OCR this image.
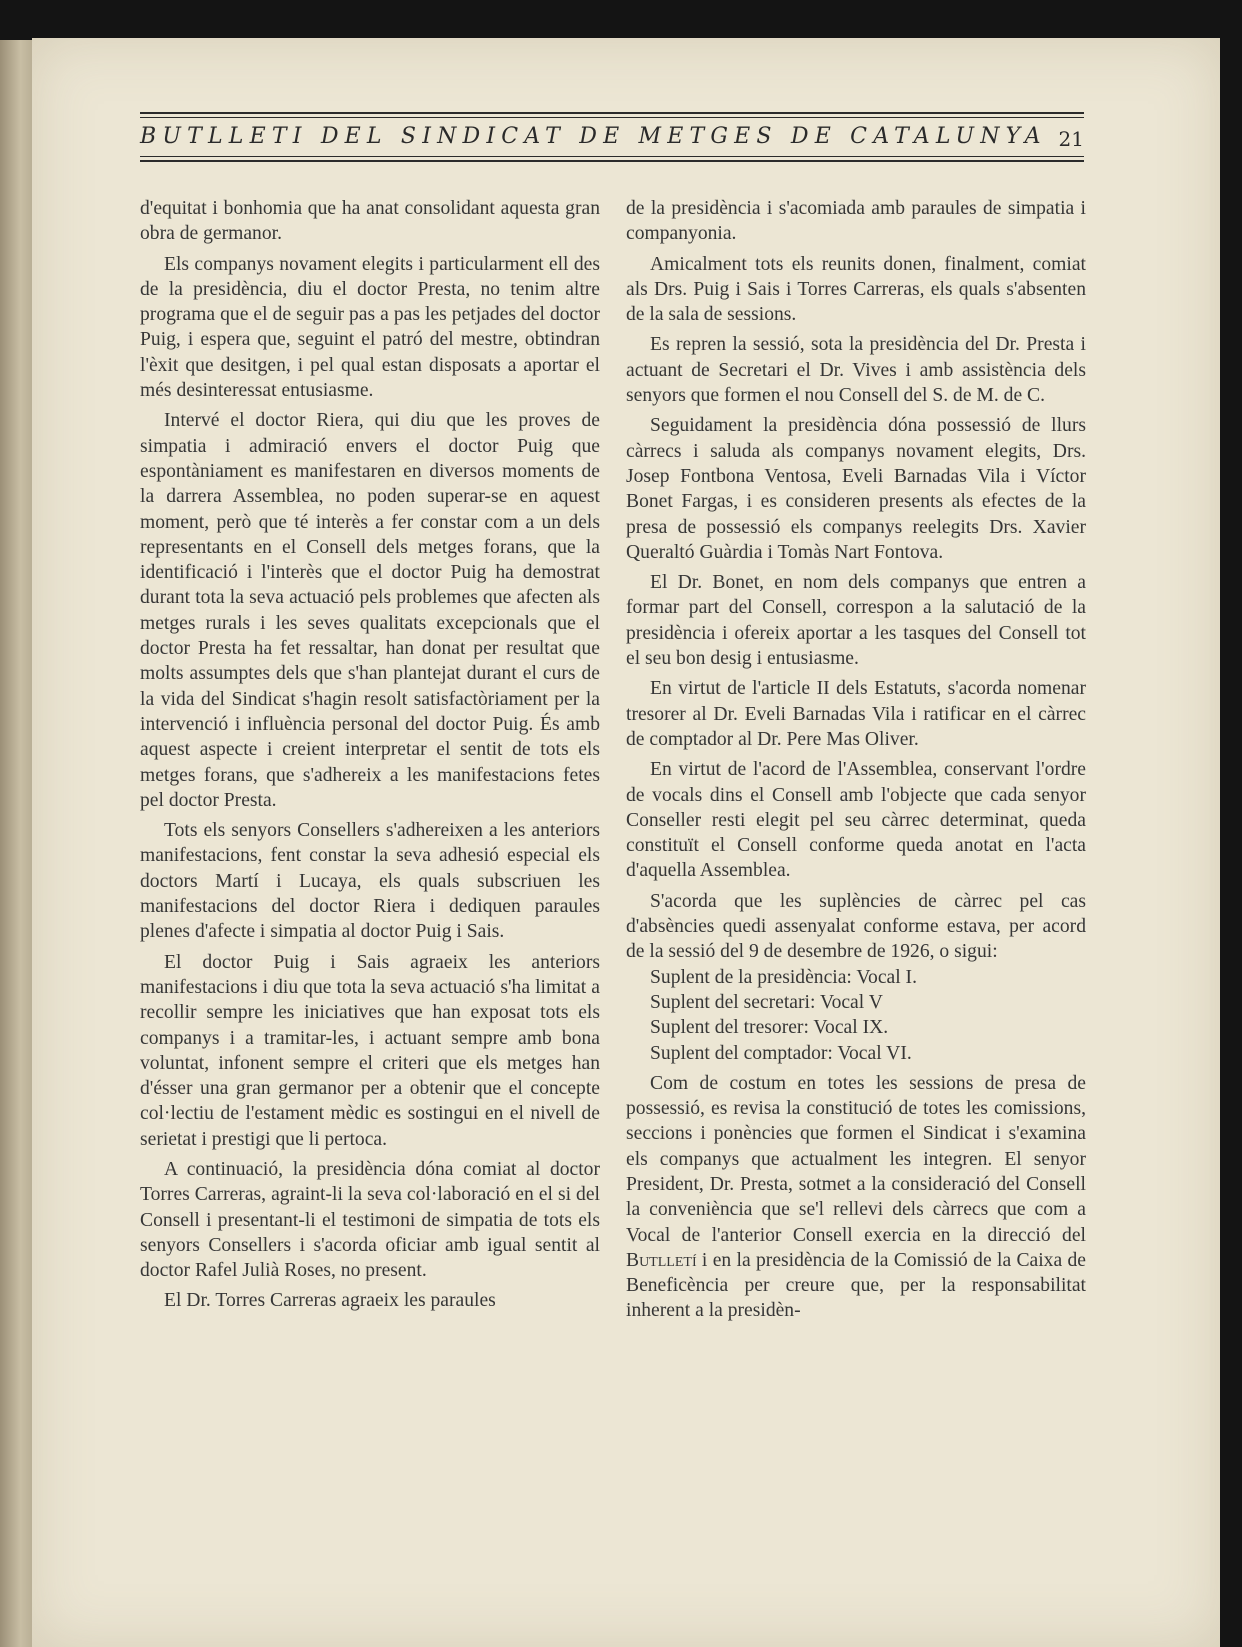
BUTLLETI DEL SINDICAT DE METGES DE CATALUNYA 21

d'equitat i bonhomia que ha anat consolidant aquesta gran obra de germanor.

Els companys novament elegits i particularment ell des de la presidència, diu el doctor Presta, no tenim altre programa que el de seguir pas a pas les petjades del doctor Puig, i espera que, seguint el patró del mestre, obtindran l'èxit que desitgen, i pel qual estan disposats a aportar el més desinteressat entusiasme.

Intervé el doctor Riera, qui diu que les proves de simpatia i admiració envers el doctor Puig que espontàniament es manifestaren en diversos moments de la darrera Assemblea, no poden superar-se en aquest moment, però que té interès a fer constar com a un dels representants en el Consell dels metges forans, que la identificació i l'interès que el doctor Puig ha demostrat durant tota la seva actuació pels problemes que afecten als metges rurals i les seves qualitats excepcionals que el doctor Presta ha fet ressaltar, han donat per resultat que molts assumptes dels que s'han plantejat durant el curs de la vida del Sindicat s'hagin resolt satisfactòriament per la intervenció i influència personal del doctor Puig. És amb aquest aspecte i creient interpretar el sentit de tots els metges forans, que s'adhereix a les manifestacions fetes pel doctor Presta.

Tots els senyors Consellers s'adhereixen a les anteriors manifestacions, fent constar la seva adhesió especial els doctors Martí i Lucaya, els quals subscriuen les manifestacions del doctor Riera i dediquen paraules plenes d'afecte i simpatia al doctor Puig i Sais.

El doctor Puig i Sais agraeix les anteriors manifestacions i diu que tota la seva actuació s'ha limitat a recollir sempre les iniciatives que han exposat tots els companys i a tramitar-les, i actuant sempre amb bona voluntat, infonent sempre el criteri que els metges han d'ésser una gran germanor per a obtenir que el concepte col·lectiu de l'estament mèdic es sostingui en el nivell de serietat i prestigi que li pertoca.

A continuació, la presidència dóna comiat al doctor Torres Carreras, agraint-li la seva col·laboració en el si del Consell i presentant-li el testimoni de simpatia de tots els senyors Consellers i s'acorda oficiar amb igual sentit al doctor Rafel Julià Roses, no present.

El Dr. Torres Carreras agraeix les paraules

de la presidència i s'acomiada amb paraules de simpatia i companyonia.

Amicalment tots els reunits donen, finalment, comiat als Drs. Puig i Sais i Torres Carreras, els quals s'absenten de la sala de sessions.

Es repren la sessió, sota la presidència del Dr. Presta i actuant de Secretari el Dr. Vives i amb assistència dels senyors que formen el nou Consell del S. de M. de C.

Seguidament la presidència dóna possessió de llurs càrrecs i saluda als companys novament elegits, Drs. Josep Fontbona Ventosa, Eveli Barnadas Vila i Víctor Bonet Fargas, i es consideren presents als efectes de la presa de possessió els companys reelegits Drs. Xavier Queraltó Guàrdia i Tomàs Nart Fontova.

El Dr. Bonet, en nom dels companys que entren a formar part del Consell, correspon a la salutació de la presidència i ofereix aportar a les tasques del Consell tot el seu bon desig i entusiasme.

En virtut de l'article II dels Estatuts, s'acorda nomenar tresorer al Dr. Eveli Barnadas Vila i ratificar en el càrrec de comptador al Dr. Pere Mas Oliver.

En virtut de l'acord de l'Assemblea, conservant l'ordre de vocals dins el Consell amb l'objecte que cada senyor Conseller resti elegit pel seu càrrec determinat, queda constituït el Consell conforme queda anotat en l'acta d'aquella Assemblea.

S'acorda que les suplències de càrrec pel cas d'absències quedi assenyalat conforme estava, per acord de la sessió del 9 de desembre de 1926, o sigui:

Suplent de la presidència: Vocal I.

Suplent del secretari: Vocal V

Suplent del tresorer: Vocal IX.

Suplent del comptador: Vocal VI.

Com de costum en totes les sessions de presa de possessió, es revisa la constitució de totes les comissions, seccions i ponències que formen el Sindicat i s'examina els companys que actualment les integren. El senyor President, Dr. Presta, sotmet a la consideració del Consell la conveniència que se'l rellevi dels càrrecs que com a Vocal de l'anterior Consell exercia en la direcció del Butlletí i en la presidència de la Comissió de la Caixa de Beneficència per creure que, per la responsabilitat inherent a la presidèn-
